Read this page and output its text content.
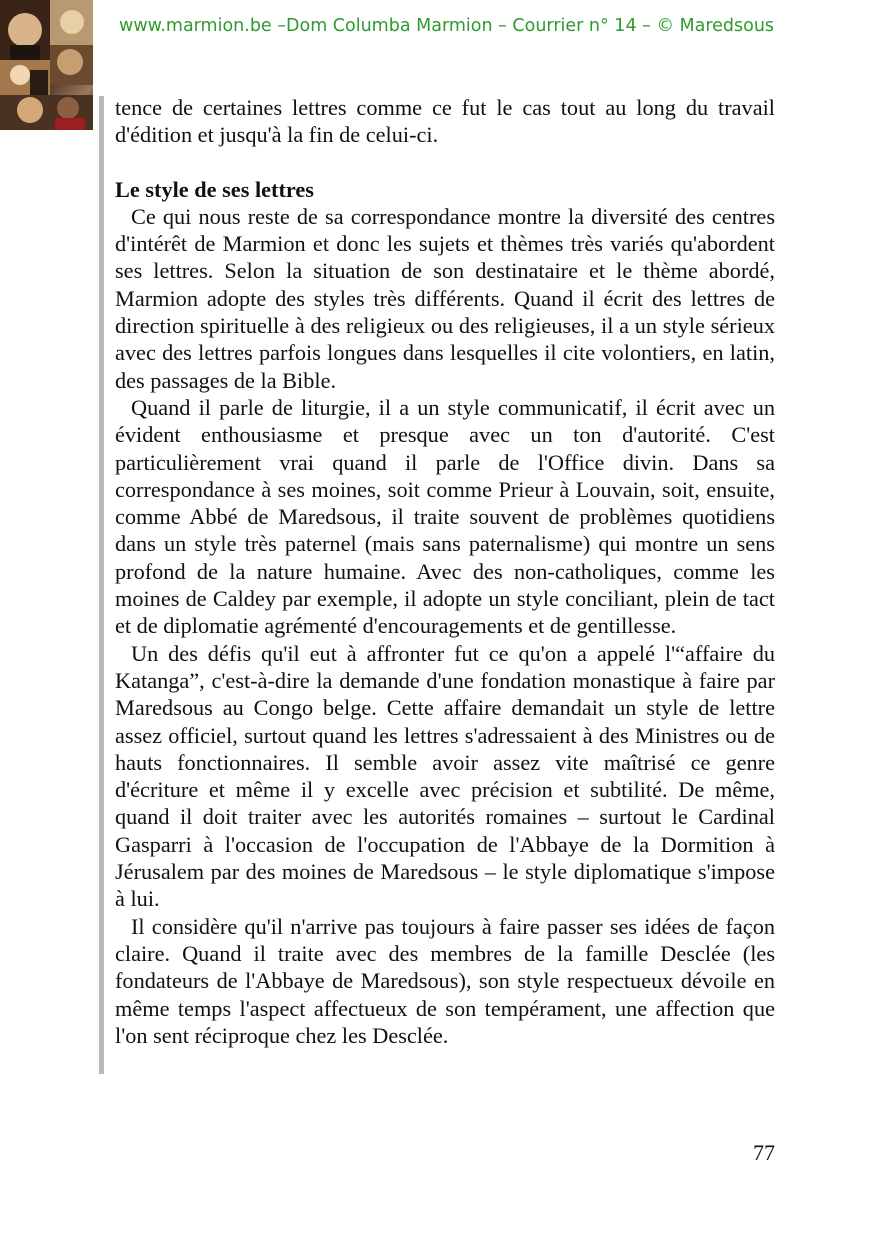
www.marmion.be –Dom Columba Marmion – Courrier n° 14 – © Maredsous

tence de certaines lettres comme ce fut le cas tout au long du travail d'édition et jusqu'à la fin de celui-ci.

Le style de ses lettres

Ce qui nous reste de sa correspondance montre la diversité des centres d'intérêt de Marmion et donc les sujets et thèmes très variés qu'abordent ses lettres. Selon la situation de son destinataire et le thème abordé, Marmion adopte des styles très différents. Quand il écrit des lettres de direction spirituelle à des religieux ou des religieuses, il a un style sérieux avec des lettres parfois longues dans lesquelles il cite volontiers, en latin, des passages de la Bible.

Quand il parle de liturgie, il a un style communicatif, il écrit avec un évident enthousiasme et presque avec un ton d'autorité. C'est particulièrement vrai quand il parle de l'Office divin. Dans sa correspondance à ses moines, soit comme Prieur à Louvain, soit, ensuite, comme Abbé de Maredsous, il traite souvent de problèmes quotidiens dans un style très paternel (mais sans paternalisme) qui montre un sens profond de la nature humaine. Avec des non-catholiques, comme les moines de Caldey par exemple, il adopte un style conciliant, plein de tact et de diplomatie agrémenté d'encouragements et de gentillesse.

Un des défis qu'il eut à affronter fut ce qu'on a appelé l'“affaire du Katanga”, c'est-à-dire la demande d'une fondation monastique à faire par Maredsous au Congo belge. Cette affaire demandait un style de lettre assez officiel, surtout quand les lettres s'adressaient à des Ministres ou de hauts fonctionnaires. Il semble avoir assez vite maîtrisé ce genre d'écriture et même il y excelle avec précision et subtilité. De même, quand il doit traiter avec les autorités romaines – surtout le Cardinal Gasparri à l'occasion de l'occupation de l'Abbaye de la Dormition à Jérusalem par des moines de Maredsous – le style diplomatique s'impose à lui.

Il considère qu'il n'arrive pas toujours à faire passer ses idées de façon claire. Quand il traite avec des membres de la famille Desclée (les fondateurs de l'Abbaye de Maredsous), son style respectueux dévoile en même temps l'aspect affectueux de son tempérament, une affection que l'on sent réciproque chez les Desclée.

77
